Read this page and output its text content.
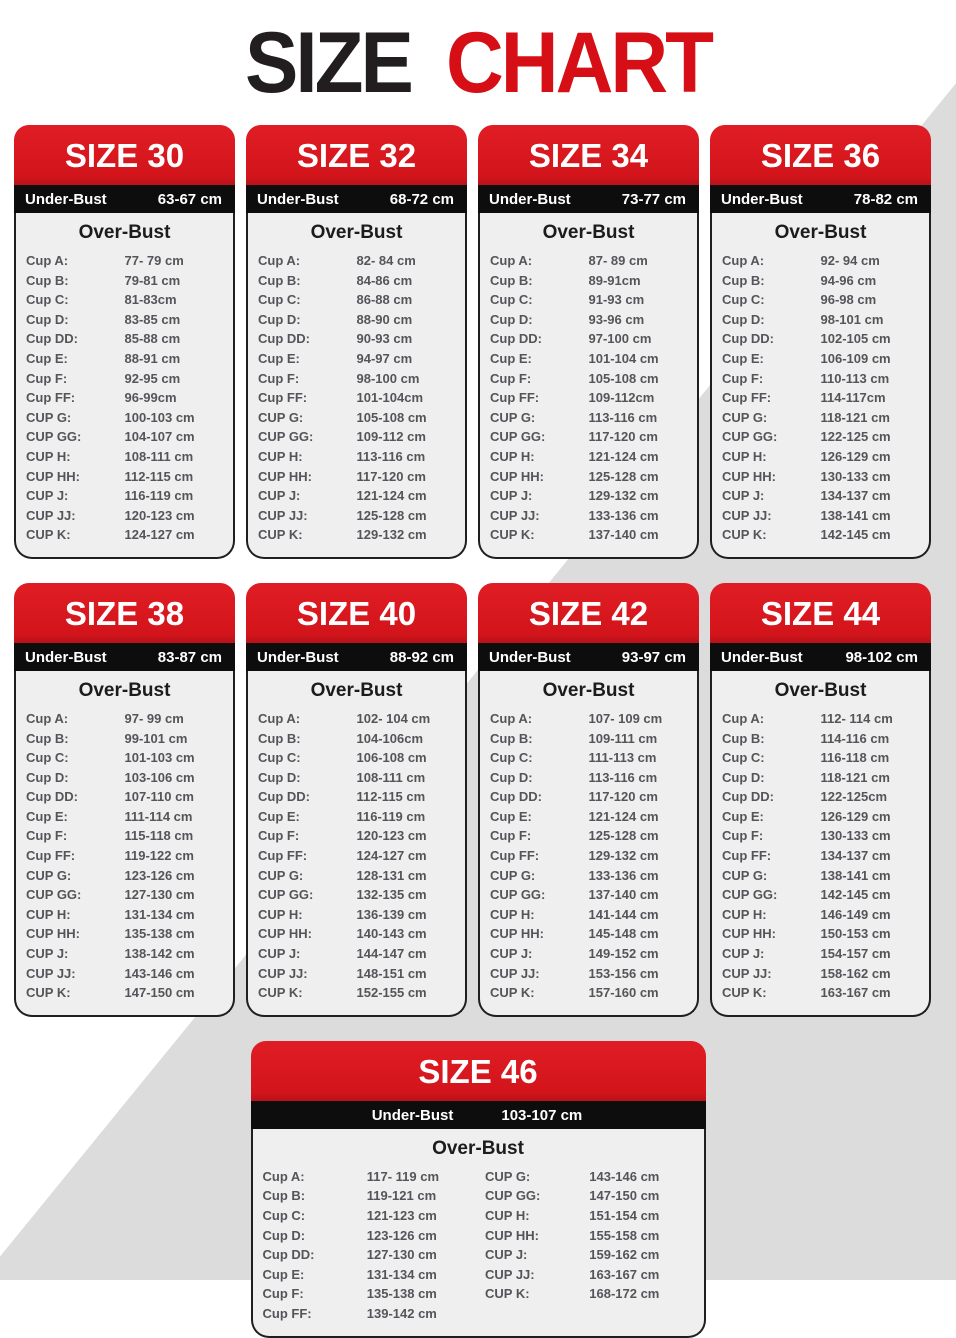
SIZE CHART
SIZE 30
Under-Bust	63-67 cm
Over-Bust
Cup A:	77- 79 cm
Cup B:	79-81 cm
Cup C:	81-83cm
Cup D:	83-85 cm
Cup DD:	85-88 cm
Cup E:	88-91 cm
Cup F:	92-95 cm
Cup FF:	96-99cm
CUP G:	100-103 cm
CUP GG:	104-107 cm
CUP H:	108-111 cm
CUP HH:	112-115 cm
CUP J:	116-119 cm
CUP JJ:	120-123 cm
CUP K:	124-127 cm
SIZE 32
Under-Bust	68-72 cm
Over-Bust
Cup A:	82- 84 cm
Cup B:	84-86 cm
Cup C:	86-88 cm
Cup D:	88-90 cm
Cup DD:	90-93 cm
Cup E:	94-97 cm
Cup F:	98-100 cm
Cup FF:	101-104cm
CUP G:	105-108 cm
CUP GG:	109-112 cm
CUP H:	113-116 cm
CUP HH:	117-120 cm
CUP J:	121-124 cm
CUP JJ:	125-128 cm
CUP K:	129-132 cm
SIZE 34
Under-Bust	73-77 cm
Over-Bust
Cup A:	87- 89 cm
Cup B:	89-91cm
Cup C:	91-93 cm
Cup D:	93-96 cm
Cup DD:	97-100 cm
Cup E:	101-104 cm
Cup F:	105-108 cm
Cup FF:	109-112cm
CUP G:	113-116 cm
CUP GG:	117-120 cm
CUP H:	121-124 cm
CUP HH:	125-128 cm
CUP J:	129-132 cm
CUP JJ:	133-136 cm
CUP K:	137-140 cm
SIZE 36
Under-Bust	78-82 cm
Over-Bust
Cup A:	92- 94 cm
Cup B:	94-96 cm
Cup C:	96-98 cm
Cup D:	98-101 cm
Cup DD:	102-105 cm
Cup E:	106-109 cm
Cup F:	110-113 cm
Cup FF:	114-117cm
CUP G:	118-121 cm
CUP GG:	122-125 cm
CUP H:	126-129 cm
CUP HH:	130-133 cm
CUP J:	134-137 cm
CUP JJ:	138-141 cm
CUP K:	142-145 cm
SIZE 38
Under-Bust	83-87 cm
Over-Bust
Cup A:	97- 99 cm
Cup B:	99-101 cm
Cup C:	101-103 cm
Cup D:	103-106 cm
Cup DD:	107-110 cm
Cup E:	111-114 cm
Cup F:	115-118 cm
Cup FF:	119-122 cm
CUP G:	123-126 cm
CUP GG:	127-130 cm
CUP H:	131-134 cm
CUP HH:	135-138 cm
CUP J:	138-142 cm
CUP JJ:	143-146 cm
CUP K:	147-150 cm
SIZE 40
Under-Bust	88-92 cm
Over-Bust
Cup A:	102- 104 cm
Cup B:	104-106cm
Cup C:	106-108 cm
Cup D:	108-111 cm
Cup DD:	112-115 cm
Cup E:	116-119 cm
Cup F:	120-123 cm
Cup FF:	124-127 cm
CUP G:	128-131 cm
CUP GG:	132-135 cm
CUP H:	136-139 cm
CUP HH:	140-143 cm
CUP J:	144-147 cm
CUP JJ:	148-151 cm
CUP K:	152-155 cm
SIZE 42
Under-Bust	93-97 cm
Over-Bust
Cup A:	107- 109 cm
Cup B:	109-111 cm
Cup C:	111-113 cm
Cup D:	113-116 cm
Cup DD:	117-120 cm
Cup E:	121-124 cm
Cup F:	125-128 cm
Cup FF:	129-132 cm
CUP G:	133-136 cm
CUP GG:	137-140 cm
CUP H:	141-144 cm
CUP HH:	145-148 cm
CUP J:	149-152 cm
CUP JJ:	153-156 cm
CUP K:	157-160 cm
SIZE 44
Under-Bust	98-102 cm
Over-Bust
Cup A:	112- 114 cm
Cup B:	114-116 cm
Cup C:	116-118 cm
Cup D:	118-121 cm
Cup DD:	122-125cm
Cup E:	126-129 cm
Cup F:	130-133 cm
Cup FF:	134-137 cm
CUP G:	138-141 cm
CUP GG:	142-145 cm
CUP H:	146-149 cm
CUP HH:	150-153 cm
CUP J:	154-157 cm
CUP JJ:	158-162 cm
CUP K:	163-167 cm
SIZE 46
Under-Bust	103-107 cm
Over-Bust
Cup A:	117- 119 cm
Cup B:	119-121 cm
Cup C:	121-123 cm
Cup D:	123-126 cm
Cup DD:	127-130 cm
Cup E:	131-134 cm
Cup F:	135-138 cm
Cup FF:	139-142 cm
CUP G:	143-146 cm
CUP GG:	147-150 cm
CUP H:	151-154 cm
CUP HH:	155-158 cm
CUP J:	159-162 cm
CUP JJ:	163-167 cm
CUP K:	168-172 cm
